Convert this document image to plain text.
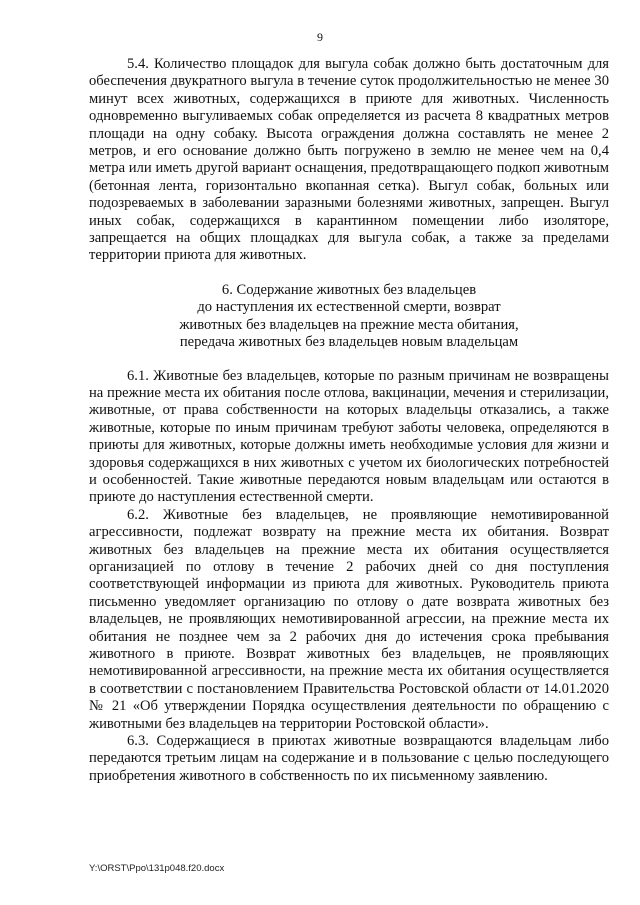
9

5.4. Количество площадок для выгула собак должно быть достаточным для обеспечения двукратного выгула в течение суток продолжительностью не менее 30 минут всех животных, содержащихся в приюте для животных. Численность одновременно выгуливаемых собак определяется из расчета 8 квадратных метров площади на одну собаку. Высота ограждения должна составлять не менее 2 метров, и его основание должно быть погружено в землю не менее чем на 0,4 метра или иметь другой вариант оснащения, предотвращающего подкоп животным (бетонная лента, горизонтально вкопанная сетка). Выгул собак, больных или подозреваемых в заболевании заразными болезнями животных, запрещен. Выгул иных собак, содержащихся в карантинном помещении либо изоляторе, запрещается на общих площадках для выгула собак, а также за пределами территории приюта для животных.

6. Содержание животных без владельцев
до наступления их естественной смерти, возврат
животных без владельцев на прежние места обитания,
передача животных без владельцев новым владельцам

6.1. Животные без владельцев, которые по разным причинам не возвращены на прежние места их обитания после отлова, вакцинации, мечения и стерилизации, животные, от права собственности на которых владельцы отказались, а также животные, которые по иным причинам требуют заботы человека, определяются в приюты для животных, которые должны иметь необходимые условия для жизни и здоровья содержащихся в них животных с учетом их биологических потребностей и особенностей. Такие животные передаются новым владельцам или остаются в приюте до наступления естественной смерти.

6.2. Животные без владельцев, не проявляющие немотивированной агрессивности, подлежат возврату на прежние места их обитания. Возврат животных без владельцев на прежние места их обитания осуществляется организацией по отлову в течение 2 рабочих дней со дня поступления соответствующей информации из приюта для животных. Руководитель приюта письменно уведомляет организацию по отлову о дате возврата животных без владельцев, не проявляющих немотивированной агрессии, на прежние места их обитания не позднее чем за 2 рабочих дня до истечения срока пребывания животного в приюте. Возврат животных без владельцев, не проявляющих немотивированной агрессивности, на прежние места их обитания осуществляется в соответствии с постановлением Правительства Ростовской области от 14.01.2020 № 21 «Об утверждении Порядка осуществления деятельности по обращению с животными без владельцев на территории Ростовской области».

6.3. Содержащиеся в приютах животные возвращаются владельцам либо передаются третьим лицам на содержание и в пользование с целью последующего приобретения животного в собственность по их письменному заявлению.

Y:\ORST\Ppo\131p048.f20.docx
